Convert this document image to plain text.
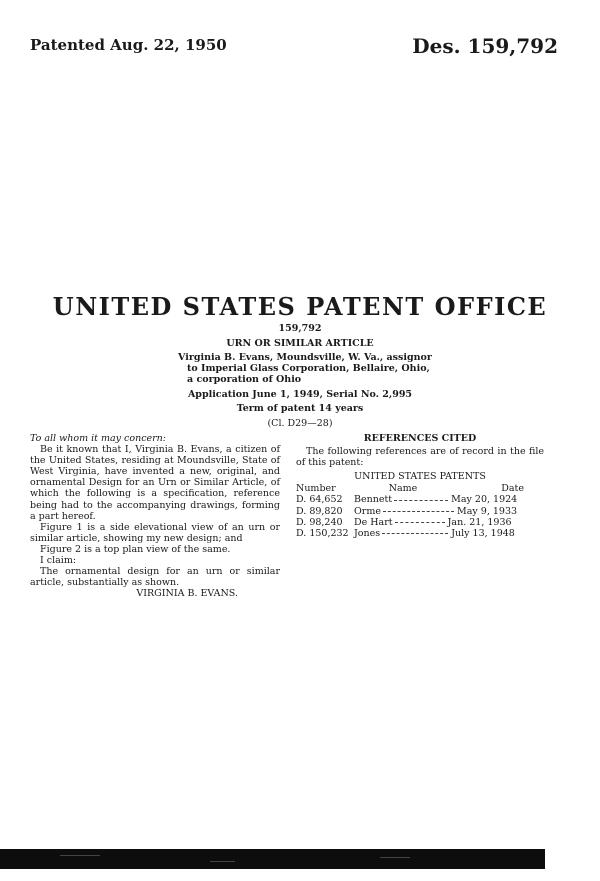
Patented Aug. 22, 1950	Des. 159,792
UNITED STATES PATENT OFFICE
159,792
URN OR SIMILAR ARTICLE
Virginia B. Evans, Moundsville, W. Va., assignor
to Imperial Glass Corporation, Bellaire, Ohio,
a corporation of Ohio
Application June 1, 1949, Serial No. 2,995
Term of patent 14 years
(Cl. D29—28)

To all whom it may concern:

Be it known that I, Virginia B. Evans, a citizen of the United States, residing at Moundsville, State of West Virginia, have invented a new, original, and ornamental Design for an Urn or Similar Article, of which the following is a specification, reference being had to the accompanying drawings, forming a part hereof.

Figure 1 is a side elevational view of an urn or similar article, showing my new design; and

Figure 2 is a top plan view of the same.

I claim:

The ornamental design for an urn or similar article, substantially as shown.

VIRGINIA B. EVANS.

REFERENCES CITED

The following references are of record in the file of this patent:

UNITED STATES PATENTS

Number	Name	Date
D. 64,652	Bennett May 20, 1924	
D. 89,820	Orme May 9, 1933	
D. 98,240	De Hart Jan. 21, 1936	
D. 150,232	Jones July 13, 1948	
